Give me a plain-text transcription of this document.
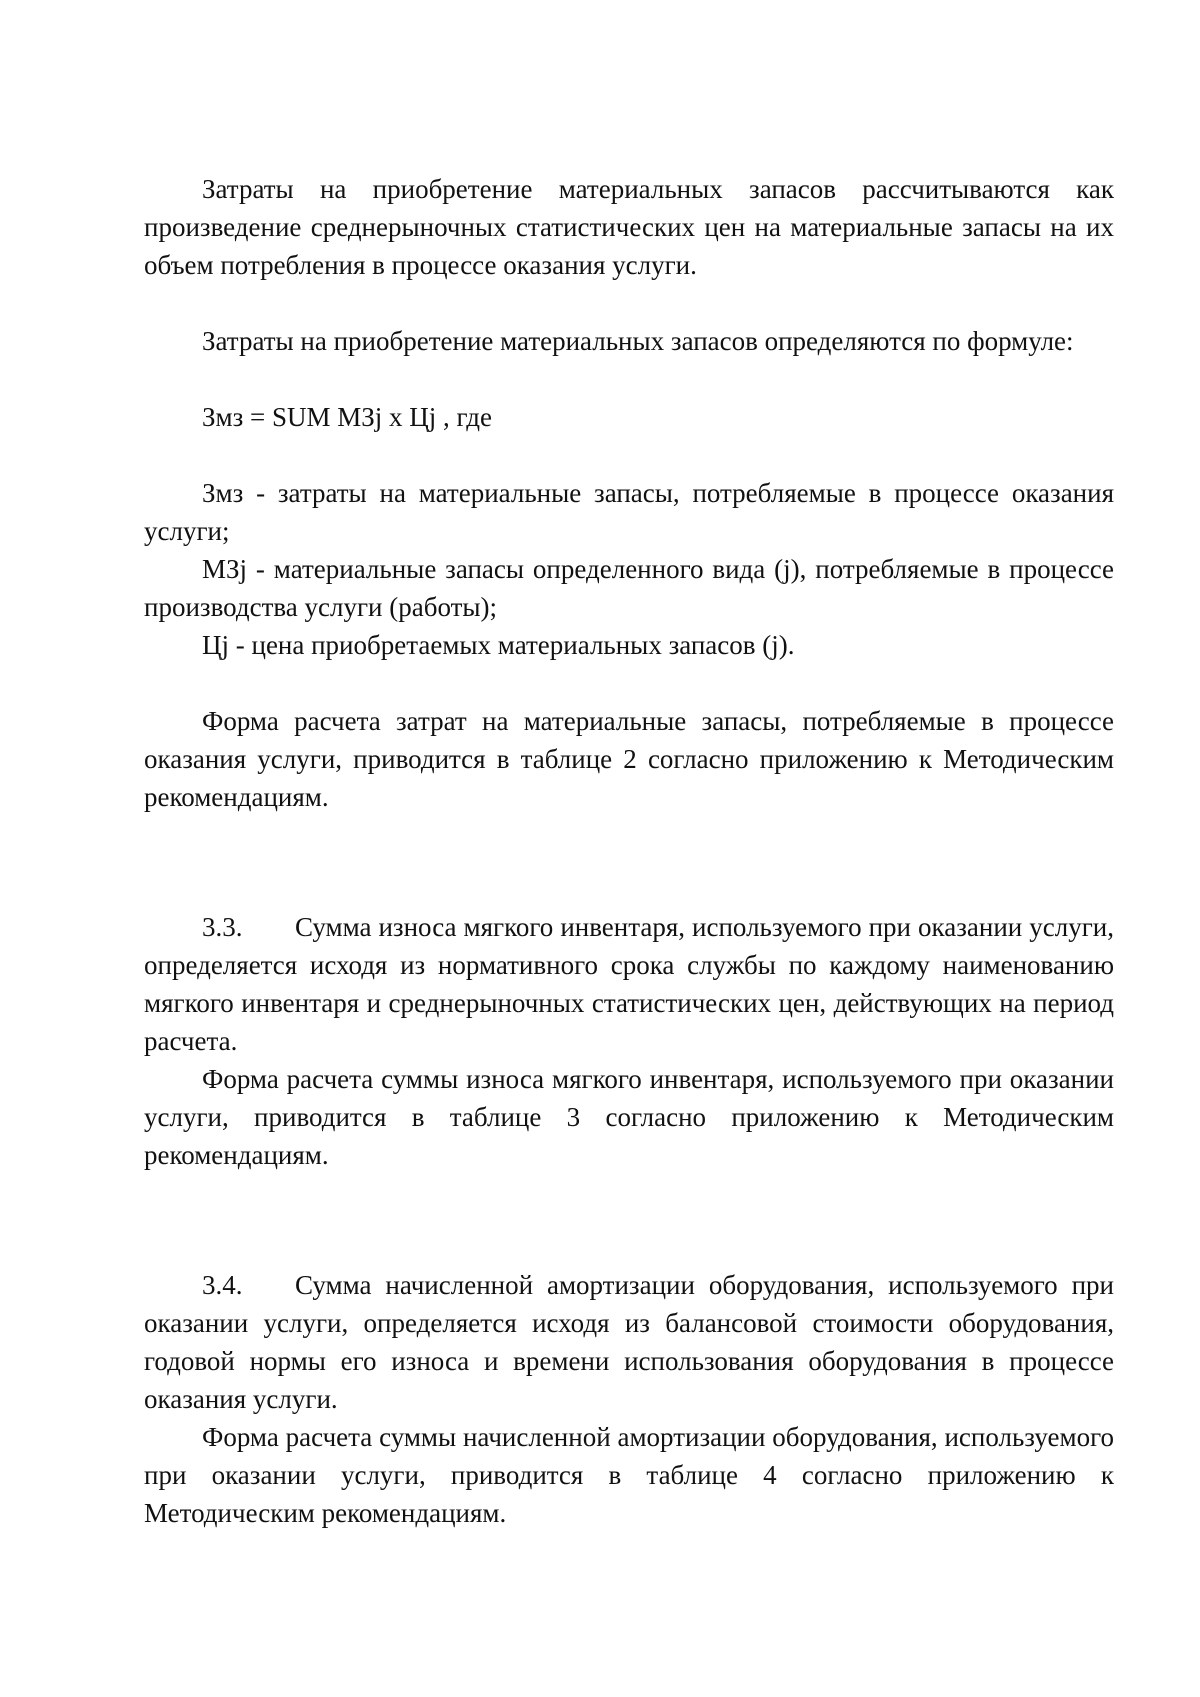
Затраты на приобретение материальных запасов рассчитываются как произведение среднерыночных статистических цен на материальные запасы на их объем потребления в процессе оказания услуги.

Затраты на приобретение материальных запасов определяются по формуле:

Змз = SUM МЗj х Цj , где

Змз - затраты на материальные запасы, потребляемые в процессе оказания услуги;

МЗj - материальные запасы определенного вида (j), потребляемые в процессе производства услуги (работы);

Цj - цена приобретаемых материальных запасов (j).

Форма расчета затрат на материальные запасы, потребляемые в процессе оказания услуги, приводится в таблице 2 согласно приложению к Методическим рекомендациям.

3.3. Сумма износа мягкого инвентаря, используемого при оказании услуги, определяется исходя из нормативного срока службы по каждому наименованию мягкого инвентаря и среднерыночных статистических цен, действующих на период расчета.

Форма расчета суммы износа мягкого инвентаря, используемого при оказании услуги, приводится в таблице 3 согласно приложению к Методическим рекомендациям.

3.4. Сумма начисленной амортизации оборудования, используемого при оказании услуги, определяется исходя из балансовой стоимости оборудования, годовой нормы его износа и времени использования оборудования в процессе оказания услуги.

Форма расчета суммы начисленной амортизации оборудования, используемого при оказании услуги, приводится в таблице 4 согласно приложению к Методическим рекомендациям.
